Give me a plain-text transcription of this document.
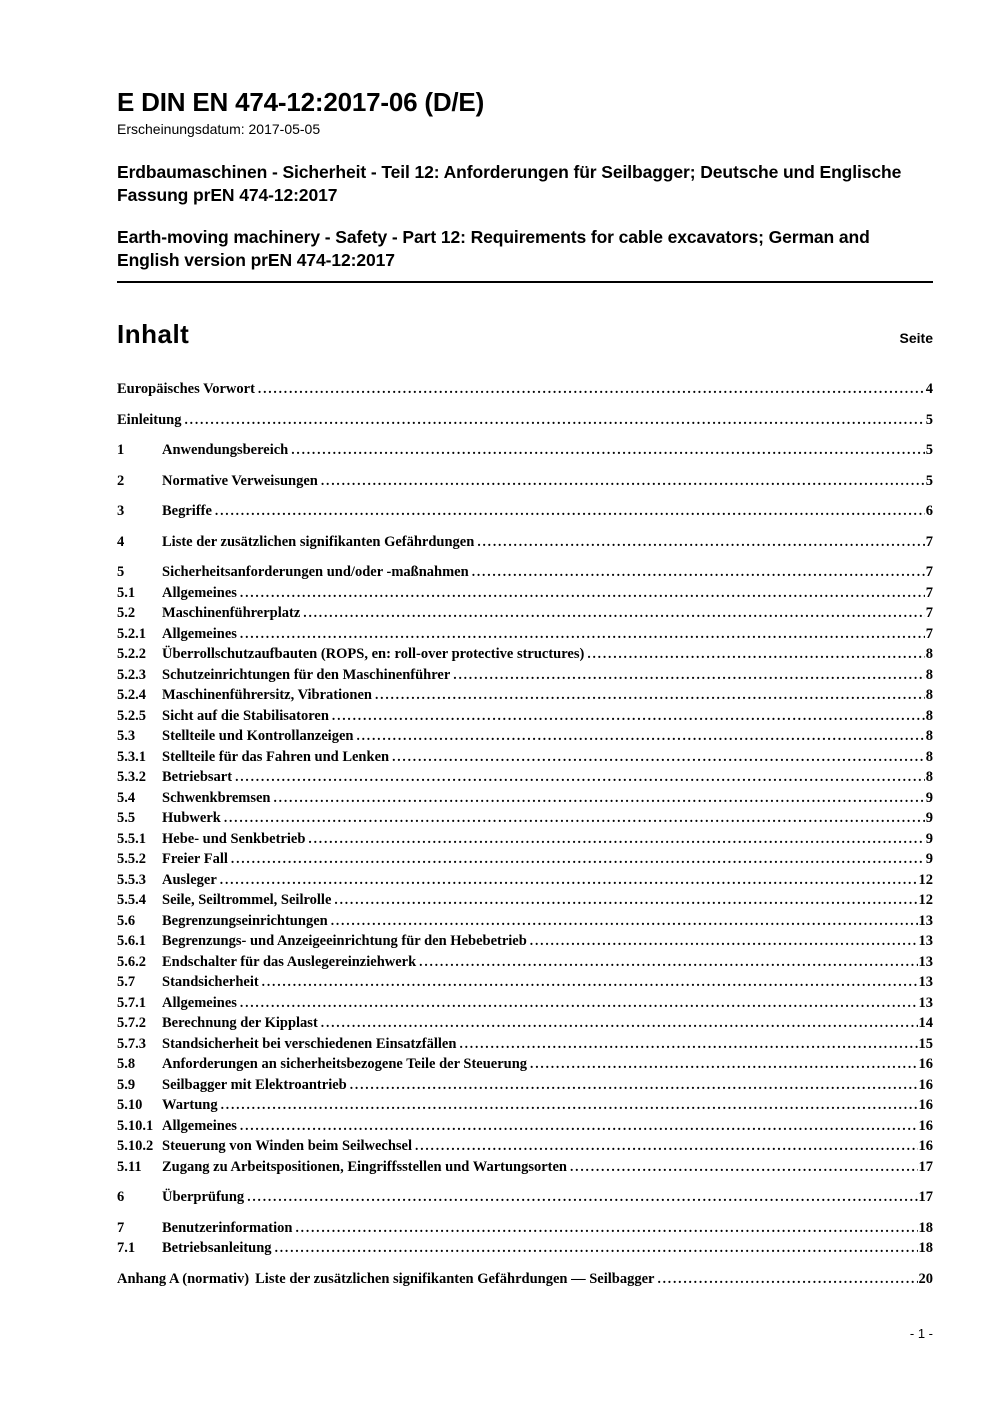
E DIN EN 474-12:2017-06 (D/E)
Erscheinungsdatum: 2017-05-05
Erdbaumaschinen - Sicherheit - Teil 12: Anforderungen für Seilbagger; Deutsche und Englische Fassung prEN 474-12:2017
Earth-moving machinery - Safety - Part 12: Requirements for cable excavators; German and English version prEN 474-12:2017
Inhalt	Seite
Europäisches Vorwort .....	4
Einleitung .....	5
1	Anwendungsbereich .....	5
2	Normative Verweisungen .....	5
3	Begriffe .....	6
4	Liste der zusätzlichen signifikanten Gefährdungen .....	7
5	Sicherheitsanforderungen und/oder -maßnahmen .....	7
5.1	Allgemeines .....	7
5.2	Maschinenführerplatz .....	7
5.2.1	Allgemeines .....	7
5.2.2	Überrollschutzaufbauten (ROPS, en: roll-over protective structures) .....	8
5.2.3	Schutzeinrichtungen für den Maschinenführer .....	8
5.2.4	Maschinenführersitz, Vibrationen .....	8
5.2.5	Sicht auf die Stabilisatoren .....	8
5.3	Stellteile und Kontrollanzeigen .....	8
5.3.1	Stellteile für das Fahren und Lenken .....	8
5.3.2	Betriebsart .....	8
5.4	Schwenkbremsen .....	9
5.5	Hubwerk .....	9
5.5.1	Hebe- und Senkbetrieb .....	9
5.5.2	Freier Fall .....	9
5.5.3	Ausleger .....	12
5.5.4	Seile, Seiltrommel, Seilrolle .....	12
5.6	Begrenzungseinrichtungen .....	13
5.6.1	Begrenzungs- und Anzeigeeinrichtung für den Hebebetrieb .....	13
5.6.2	Endschalter für das Auslegereinziehwerk .....	13
5.7	Standsicherheit .....	13
5.7.1	Allgemeines .....	13
5.7.2	Berechnung der Kipplast .....	14
5.7.3	Standsicherheit bei verschiedenen Einsatzfällen .....	15
5.8	Anforderungen an sicherheitsbezogene Teile der Steuerung .....	16
5.9	Seilbagger mit Elektroantrieb .....	16
5.10	Wartung .....	16
5.10.1 Allgemeines .....	16
5.10.2 Steuerung von Winden beim Seilwechsel .....	16
5.11	Zugang zu Arbeitspositionen, Eingriffsstellen und Wartungsorten .....	17
6	Überprüfung .....	17
7	Benutzerinformation .....	18
7.1	Betriebsanleitung .....	18
Anhang A (normativ) Liste der zusätzlichen signifikanten Gefährdungen — Seilbagger .....	20
- 1 -
